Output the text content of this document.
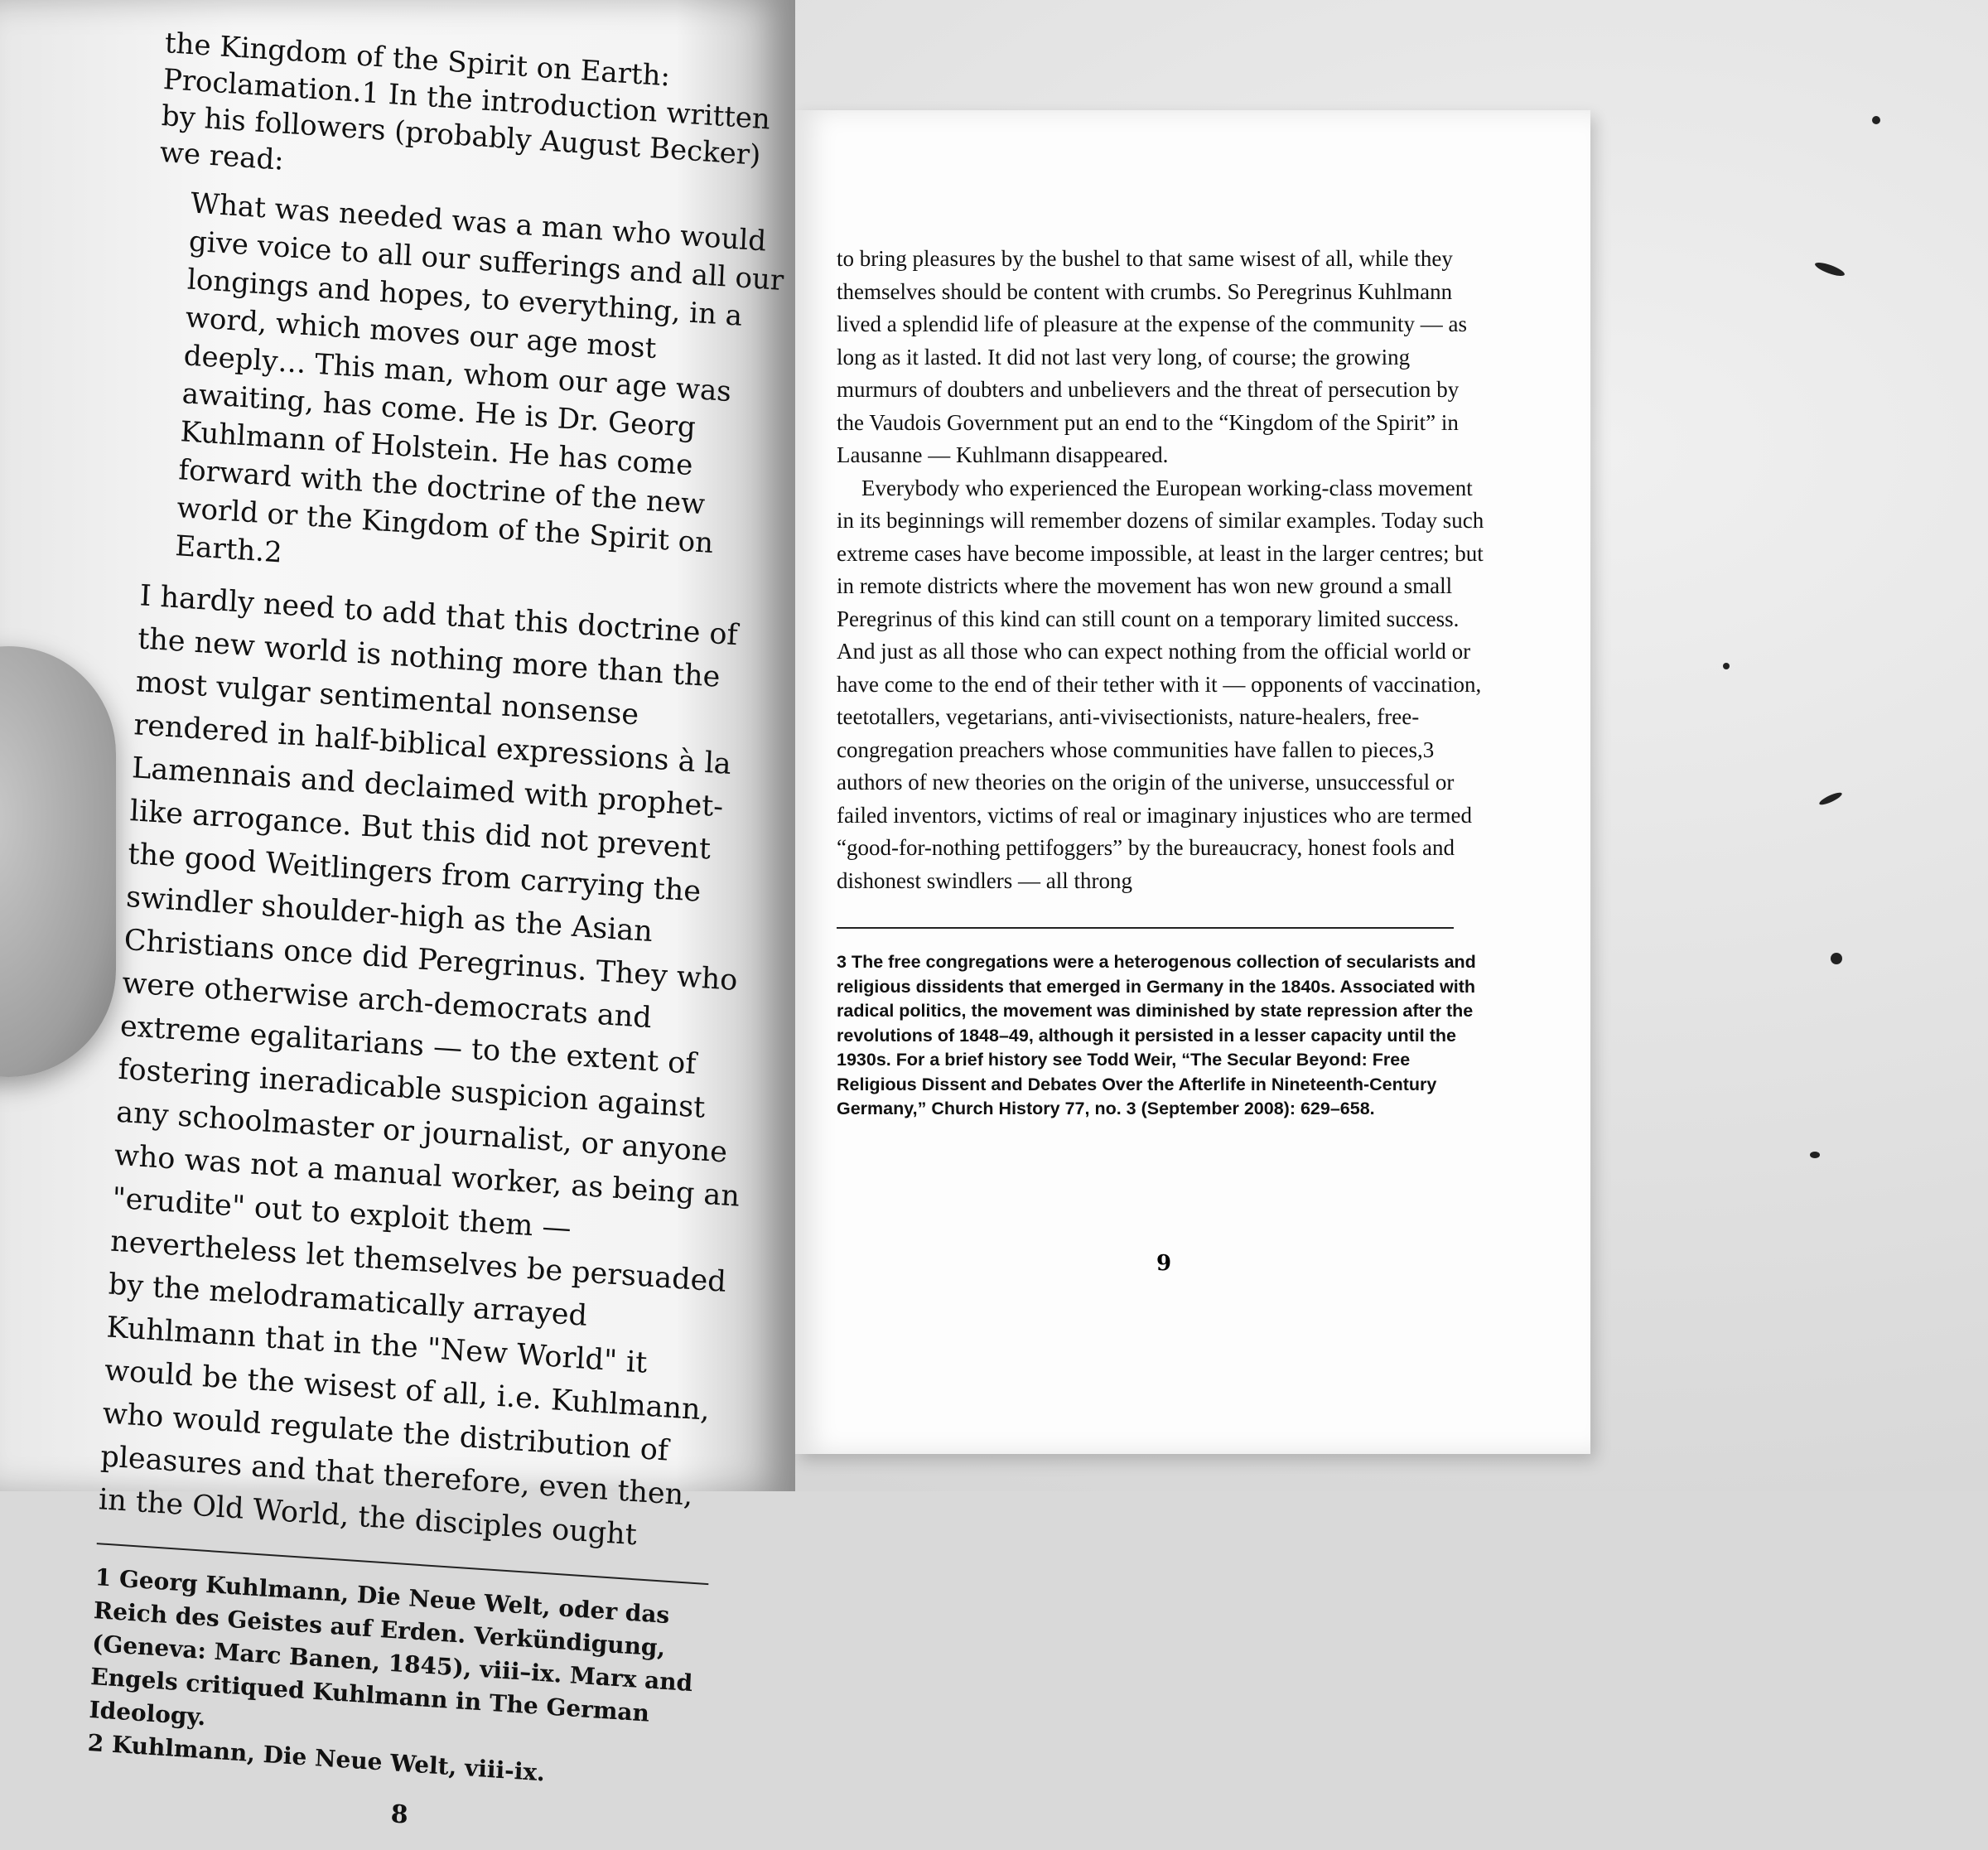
to bring pleasures by the bushel to that same wisest of all, while they themselves should be content with crumbs. So Peregrinus Kuhlmann lived a splendid life of pleasure at the expense of the community — as long as it lasted. It did not last very long, of course; the growing murmurs of doubters and unbelievers and the threat of persecution by the Vaudois Government put an end to the “Kingdom of the Spirit” in Lausanne — Kuhlmann disappeared.

Everybody who experienced the European working-class movement in its beginnings will remember dozens of similar examples. Today such extreme cases have become impossible, at least in the larger centres; but in remote districts where the movement has won new ground a small Peregrinus of this kind can still count on a temporary limited success. And just as all those who can expect nothing from the official world or have come to the end of their tether with it — opponents of vaccination, teetotallers, vegetarians, anti-vivisectionists, nature-healers, free-congregation preachers whose communities have fallen to pieces,3 authors of new theories on the origin of the universe, unsuccessful or failed inventors, victims of real or imaginary injustices who are termed “good-for-nothing pettifoggers” by the bureaucracy, honest fools and dishonest swindlers — all throng

3 The free congregations were a heterogenous collection of secularists and religious dissidents that emerged in Germany in the 1840s. Associated with radical politics, the movement was diminished by state repression after the revolutions of 1848–49, although it persisted in a lesser capacity until the 1930s. For a brief history see Todd Weir, “The Secular Beyond: Free Religious Dissent and Debates Over the Afterlife in Nineteenth-Century Germany,” Church History 77, no. 3 (September 2008): 629–658.

9

the Kingdom of the Spirit on Earth: Proclamation.1 In the introduction written by his followers (probably August Becker) we read:

What was needed was a man who would give voice to all our sufferings and all our longings and hopes, to everything, in a word, which moves our age most deeply… This man, whom our age was awaiting, has come. He is Dr. Georg Kuhlmann of Holstein. He has come forward with the doctrine of the new world or the Kingdom of the Spirit on Earth.2

I hardly need to add that this doctrine of the new world is nothing more than the most vulgar sentimental nonsense rendered in half-biblical expressions à la Lamennais and declaimed with prophet-like arrogance. But this did not prevent the good Weitlingers from carrying the swindler shoulder-high as the Asian Christians once did Peregrinus. They who were otherwise arch-democrats and extreme egalitarians — to the extent of fostering ineradicable suspicion against any schoolmaster or journalist, or anyone who was not a manual worker, as being an "erudite" out to exploit them — nevertheless let themselves be persuaded by the melodramatically arrayed Kuhlmann that in the "New World" it would be the wisest of all, i.e. Kuhlmann, who would regulate the distribution of pleasures and that therefore, even then, in the Old World, the disciples ought

1 Georg Kuhlmann, Die Neue Welt, oder das Reich des Geistes auf Erden. Verkündigung, (Geneva: Marc Banen, 1845), viii–ix. Marx and Engels critiqued Kuhlmann in The German Ideology.

2 Kuhlmann, Die Neue Welt, viii-ix.

8
